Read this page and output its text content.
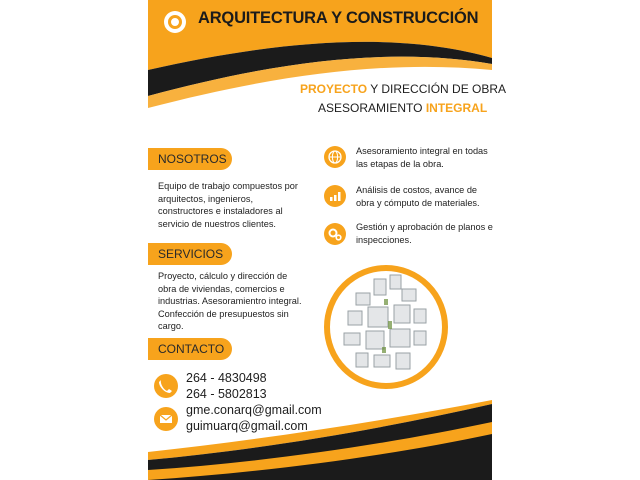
ARQUITECTURA Y CONSTRUCCIÓN
PROYECTO Y DIRECCIÓN DE OBRA
ASESORAMIENTO INTEGRAL
NOSOTROS
Equipo de trabajo compuestos por arquitectos, ingenieros, constructores e instaladores al servicio de nuestros clientes.
SERVICIOS
Proyecto, cálculo y dirección de obra de viviendas, comercios e industrias. Asesoramientro integral. Confección de presupuestos sin cargo.
CONTACTO
264 - 4830498
264 - 5802813
gme.conarq@gmail.com
guimuarq@gmail.com
Asesoramiento integral en todas las etapas de la obra.
Análisis de costos, avance de obra y cómputo de materiales.
Gestión y aprobación de planos e inspecciones.
